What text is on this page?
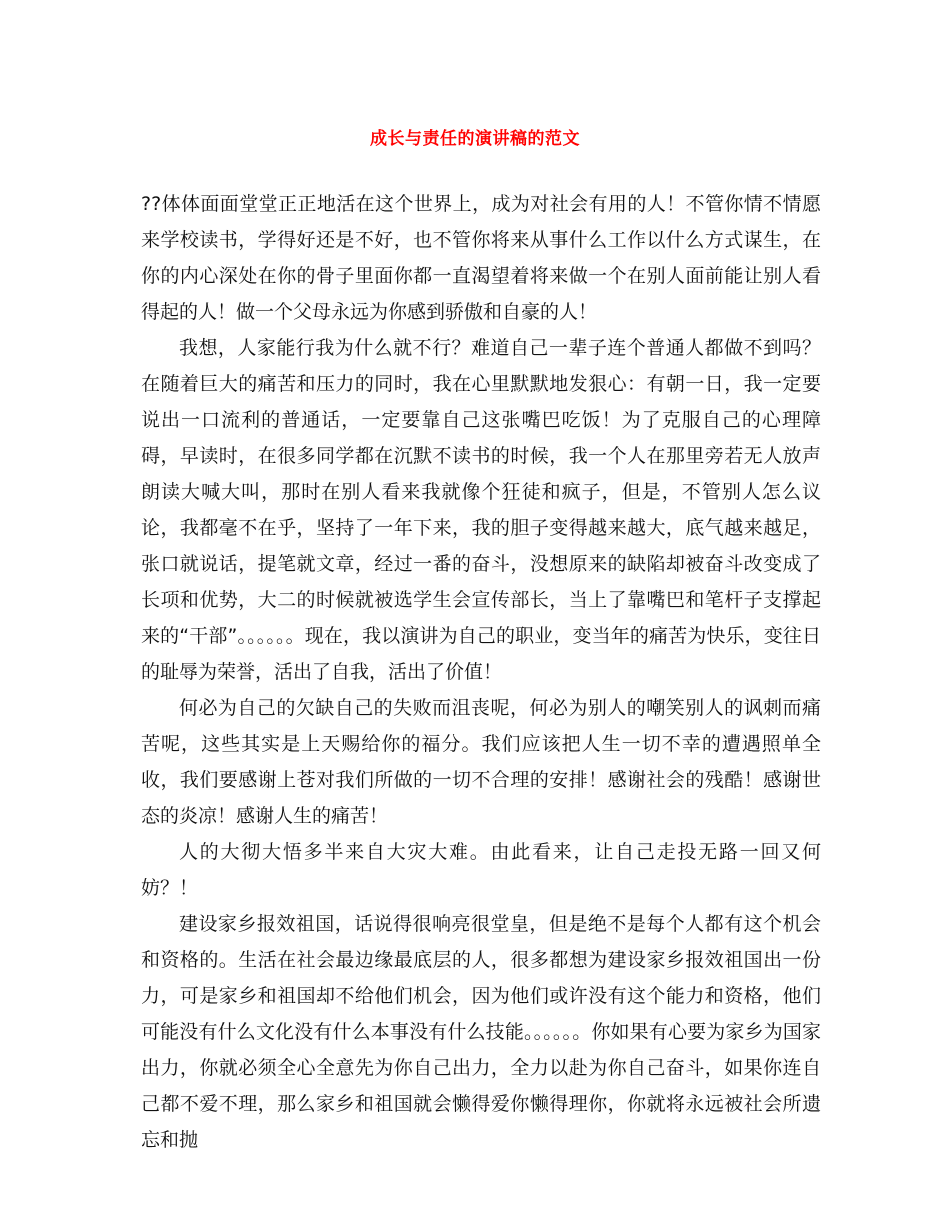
成长与责任的演讲稿的范文

??体体面面堂堂正正地活在这个世界上，成为对社会有用的人！不管你情不情愿来学校读书，学得好还是不好，也不管你将来从事什么工作以什么方式谋生，在你的内心深处在你的骨子里面你都一直渴望着将来做一个在别人面前能让别人看得起的人！做一个父母永远为你感到骄傲和自豪的人！

我想，人家能行我为什么就不行？难道自己一辈子连个普通人都做不到吗？在随着巨大的痛苦和压力的同时，我在心里默默地发狠心：有朝一日，我一定要说出一口流利的普通话，一定要靠自己这张嘴巴吃饭！为了克服自己的心理障碍，早读时，在很多同学都在沉默不读书的时候，我一个人在那里旁若无人放声朗读大喊大叫，那时在别人看来我就像个狂徒和疯子，但是，不管别人怎么议论，我都毫不在乎，坚持了一年下来，我的胆子变得越来越大，底气越来越足，张口就说话，提笔就文章，经过一番的奋斗，没想原来的缺陷却被奋斗改变成了长项和优势，大二的时候就被选学生会宣传部长，当上了靠嘴巴和笔杆子支撑起来的“干部”。。。。。。现在，我以演讲为自己的职业，变当年的痛苦为快乐，变往日的耻辱为荣誉，活出了自我，活出了价值！

何必为自己的欠缺自己的失败而沮丧呢，何必为别人的嘲笑别人的讽刺而痛苦呢，这些其实是上天赐给你的福分。我们应该把人生一切不幸的遭遇照单全收，我们要感谢上苍对我们所做的一切不合理的安排！感谢社会的残酷！感谢世态的炎凉！感谢人生的痛苦！

人的大彻大悟多半来自大灾大难。由此看来，让自己走投无路一回又何妨？！

建设家乡报效祖国，话说得很响亮很堂皇，但是绝不是每个人都有这个机会和资格的。生活在社会最边缘最底层的人，很多都想为建设家乡报效祖国出一份力，可是家乡和祖国却不给他们机会，因为他们或许没有这个能力和资格，他们可能没有什么文化没有什么本事没有什么技能。。。。。。你如果有心要为家乡为国家出力，你就必须全心全意先为你自己出力，全力以赴为你自己奋斗，如果你连自己都不爱不理，那么家乡和祖国就会懒得爱你懒得理你，你就将永远被社会所遗忘和抛
